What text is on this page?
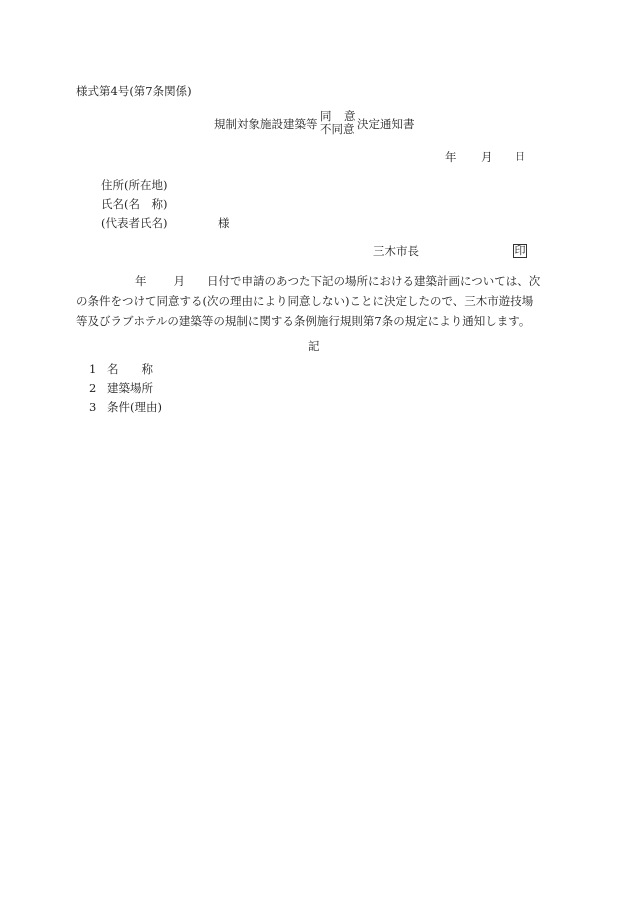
様式第4号(第7条関係)
規制対象施設建築等
同 意
不同意 決定通知書
年 月 日
住所(所在地)
氏名(名　称)
(代表者氏名)	様
三木市長	印
年 月 日付で申請のあつた下記の場所における建築計画については、次
の条件をつけて同意する(次の理由により同意しない)ことに決定したので、三木市遊技場
等及びラブホテルの建築等の規制に関する条例施行規則第7条の規定により通知します。
記
1 名　　称
2 建築場所
3 条件(理由)
